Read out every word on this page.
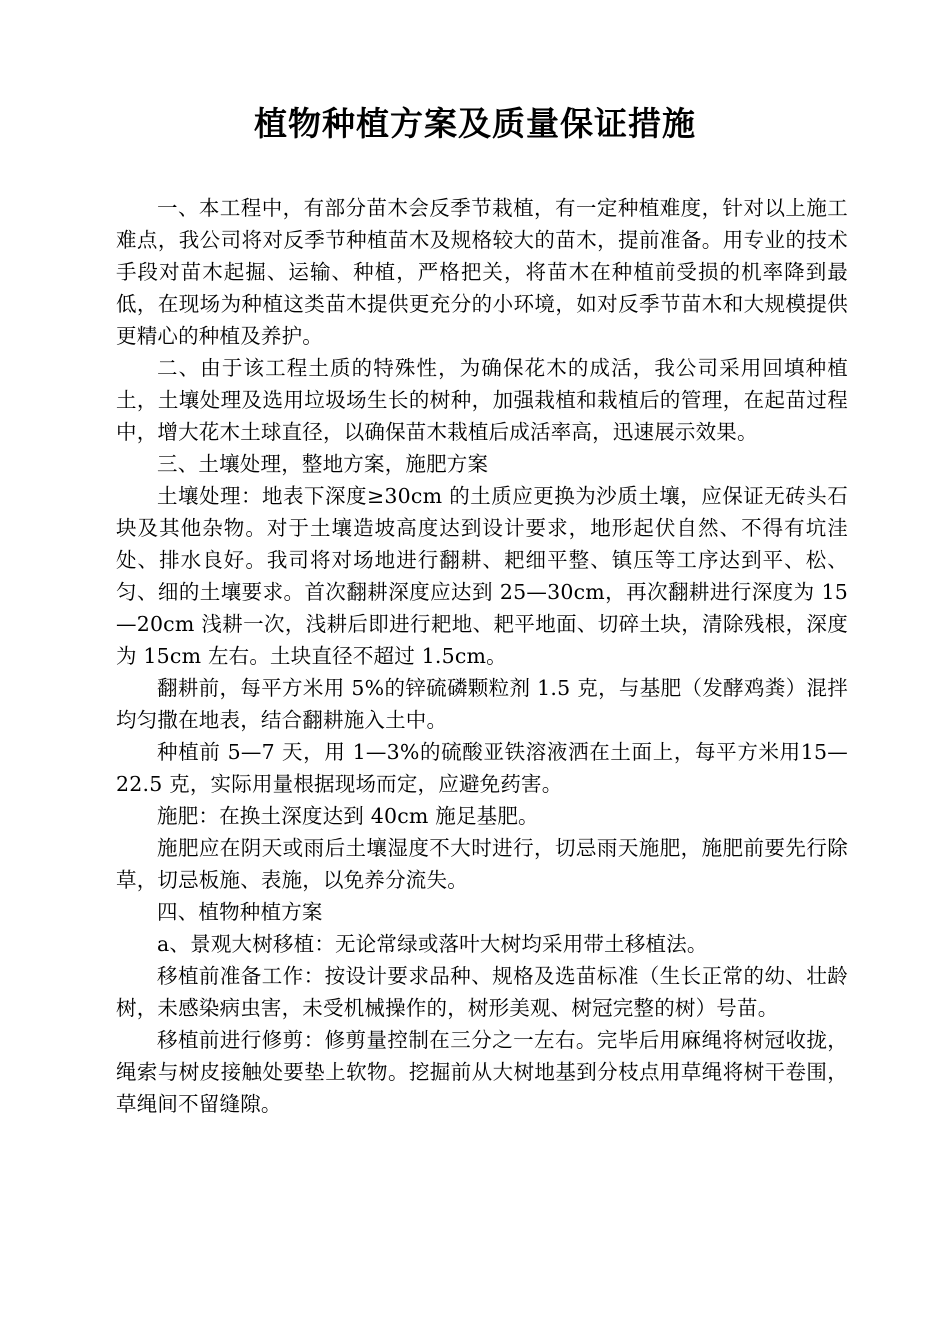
植物种植方案及质量保证措施

一、本工程中，有部分苗木会反季节栽植，有一定种植难度，针对以上施工难点，我公司将对反季节种植苗木及规格较大的苗木，提前准备。用专业的技术手段对苗木起掘、运输、种植，严格把关，将苗木在种植前受损的机率降到最低，在现场为种植这类苗木提供更充分的小环境，如对反季节苗木和大规模提供更精心的种植及养护。

二、由于该工程土质的特殊性，为确保花木的成活，我公司采用回填种植土，土壤处理及选用垃圾场生长的树种，加强栽植和栽植后的管理，在起苗过程中，增大花木土球直径，以确保苗木栽植后成活率高，迅速展示效果。

三、土壤处理，整地方案，施肥方案

土壤处理：地表下深度≥30cm 的土质应更换为沙质土壤，应保证无砖头石块及其他杂物。对于土壤造坡高度达到设计要求，地形起伏自然、不得有坑洼处、排水良好。我司将对场地进行翻耕、耙细平整、镇压等工序达到平、松、匀、细的土壤要求。首次翻耕深度应达到 25—30cm，再次翻耕进行深度为 15—20cm 浅耕一次，浅耕后即进行耙地、耙平地面、切碎土块，清除残根，深度为 15cm 左右。土块直径不超过 1.5cm。

翻耕前，每平方米用 5%的锌硫磷颗粒剂 1.5 克，与基肥（发酵鸡粪）混拌均匀撒在地表，结合翻耕施入土中。

种植前 5—7 天，用 1—3%的硫酸亚铁溶液洒在土面上，每平方米用15—22.5 克，实际用量根据现场而定，应避免药害。

施肥：在换土深度达到 40cm 施足基肥。

施肥应在阴天或雨后土壤湿度不大时进行，切忌雨天施肥，施肥前要先行除草，切忌板施、表施，以免养分流失。

四、植物种植方案

a、景观大树移植：无论常绿或落叶大树均采用带土移植法。

移植前准备工作：按设计要求品种、规格及选苗标准（生长正常的幼、壮龄树，未感染病虫害，未受机械操作的，树形美观、树冠完整的树）号苗。

移植前进行修剪：修剪量控制在三分之一左右。完毕后用麻绳将树冠收拢，绳索与树皮接触处要垫上软物。挖掘前从大树地基到分枝点用草绳将树干卷围，草绳间不留缝隙。
